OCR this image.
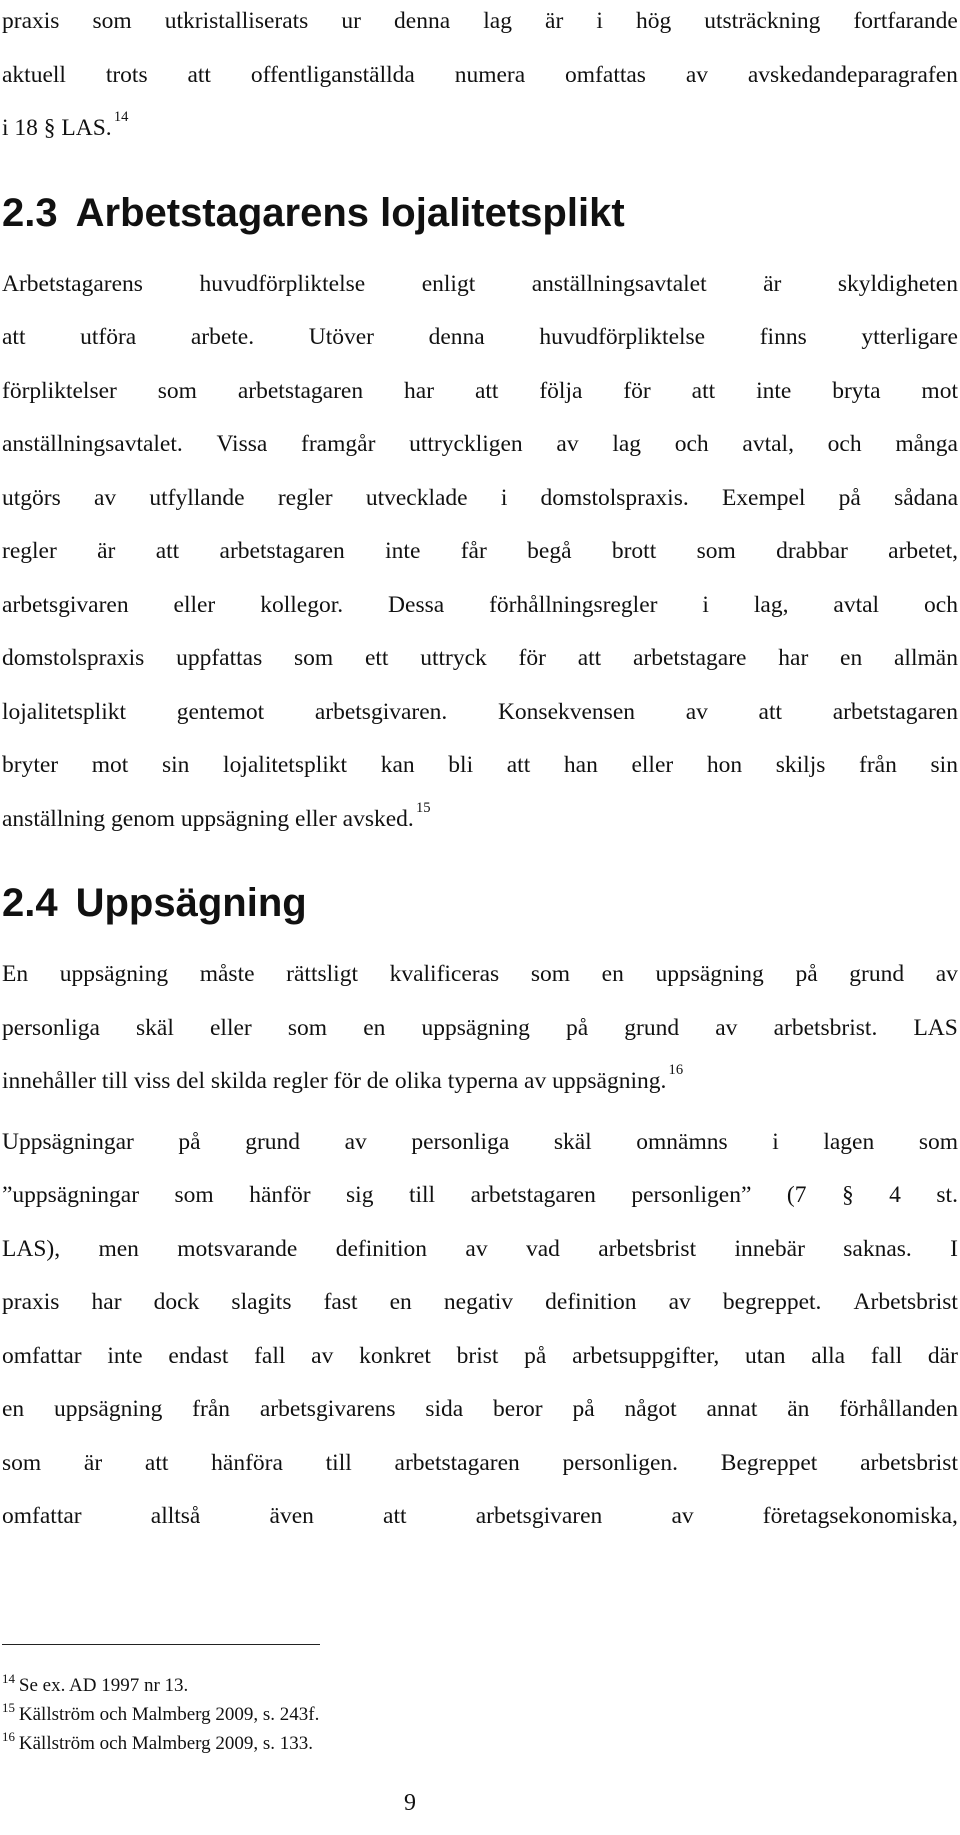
praxis som utkristalliserats ur denna lag är i hög utsträckning fortfarande
aktuell trots att offentliganställda numera omfattas av avskedandeparagrafen
i 18 § LAS.$^{14}$
2.3 Arbetstagarens lojalitetsplikt
Arbetstagarens huvudförpliktelse enligt anställningsavtalet är skyldigheten
att utföra arbete. Utöver denna huvudförpliktelse finns ytterligare
förpliktelser som arbetstagaren har att följa för att inte bryta mot
anställningsavtalet. Vissa framgår uttryckligen av lag och avtal, och många
utgörs av utfyllande regler utvecklade i domstolspraxis. Exempel på sådana
regler är att arbetstagaren inte får begå brott som drabbar arbetet,
arbetsgivaren eller kollegor. Dessa förhållningsregler i lag, avtal och
domstolspraxis uppfattas som ett uttryck för att arbetstagare har en allmän
lojalitetsplikt gentemot arbetsgivaren. Konsekvensen av att arbetstagaren
bryter mot sin lojalitetsplikt kan bli att han eller hon skiljs från sin
anställning genom uppsägning eller avsked.$^{15}$
2.4 Uppsägning
En uppsägning måste rättsligt kvalificeras som en uppsägning på grund av
personliga skäl eller som en uppsägning på grund av arbetsbrist. LAS
innehåller till viss del skilda regler för de olika typerna av uppsägning.$^{16}$
Uppsägningar på grund av personliga skäl omnämns i lagen som
”uppsägningar som hänför sig till arbetstagaren personligen” (7 § 4 st.
LAS), men motsvarande definition av vad arbetsbrist innebär saknas. I
praxis har dock slagits fast en negativ definition av begreppet. Arbetsbrist
omfattar inte endast fall av konkret brist på arbetsuppgifter, utan alla fall där
en uppsägning från arbetsgivarens sida beror på något annat än förhållanden
som är att hänföra till arbetstagaren personligen. Begreppet arbetsbrist
omfattar	alltså	även	att	arbetsgivaren	av	företagsekonomiska,
$^{14}$ Se ex. AD 1997 nr 13.
$^{15}$ Källström och Malmberg 2009, s. 243f.
$^{16}$ Källström och Malmberg 2009, s. 133.
9
